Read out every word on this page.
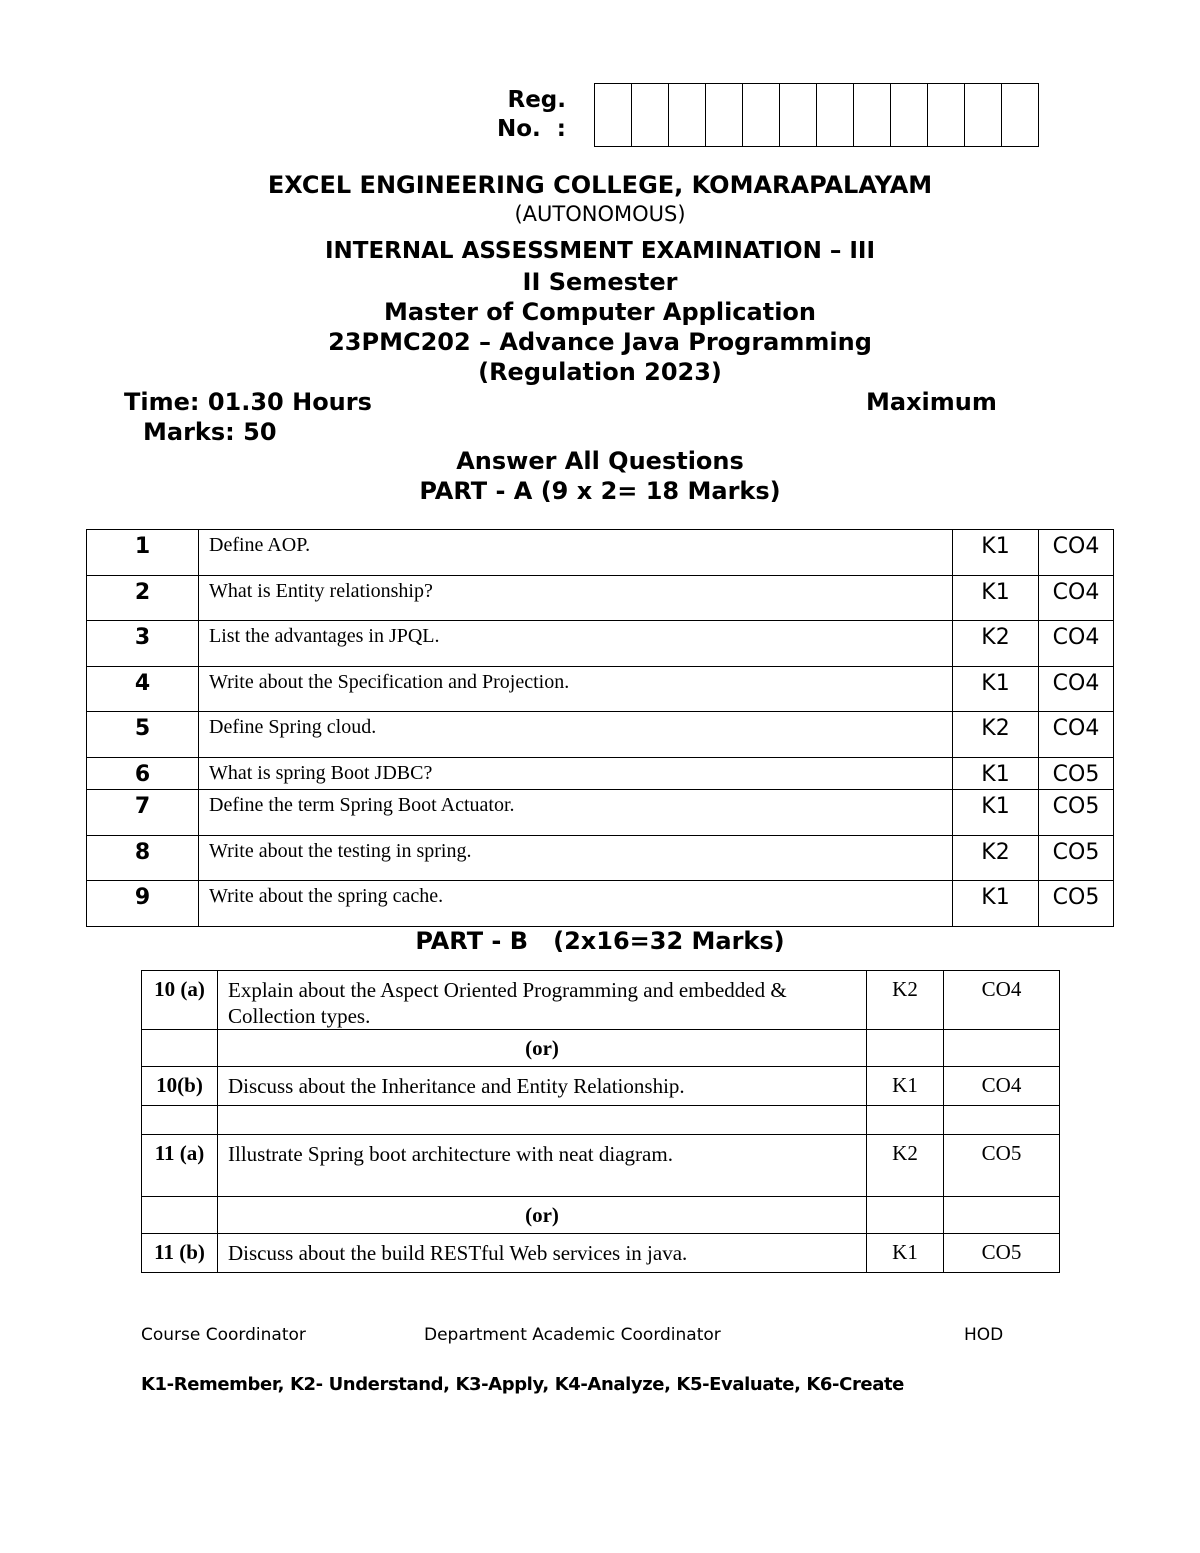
Reg.
No.  :
EXCEL ENGINEERING COLLEGE, KOMARAPALAYAM
(AUTONOMOUS)
INTERNAL ASSESSMENT EXAMINATION – III
II Semester
Master of Computer Application
23PMC202 – Advance Java Programming
(Regulation 2023)
Time: 01.30 Hours	Maximum
Marks: 50
Answer All Questions
PART - A (9 x 2= 18 Marks)
1	Define AOP.	K1	CO4
2	What is Entity relationship?	K1	CO4
3	List the advantages in JPQL.	K2	CO4
4	Write about the Specification and Projection.	K1	CO4
5	Define Spring cloud.	K2	CO4
6	What is spring Boot JDBC?	K1	CO5
7	Define the term Spring Boot Actuator.	K1	CO5
8	Write about the testing in spring.	K2	CO5
9	Write about the spring cache.	K1	CO5
PART - B   (2x16=32 Marks)
10 (a)	Explain about the Aspect Oriented Programming and embedded & Collection types.	K2	CO4
	(or)		
10(b)	Discuss about the Inheritance and Entity Relationship.	K1	CO4

11 (a)	Illustrate Spring boot architecture with neat diagram.	K2	CO5
	(or)		
11 (b)	Discuss about the build RESTful Web services in java.	K1	CO5
Course Coordinator	Department Academic Coordinator	HOD
K1-Remember, K2- Understand, K3-Apply, K4-Analyze, K5-Evaluate, K6-Create
